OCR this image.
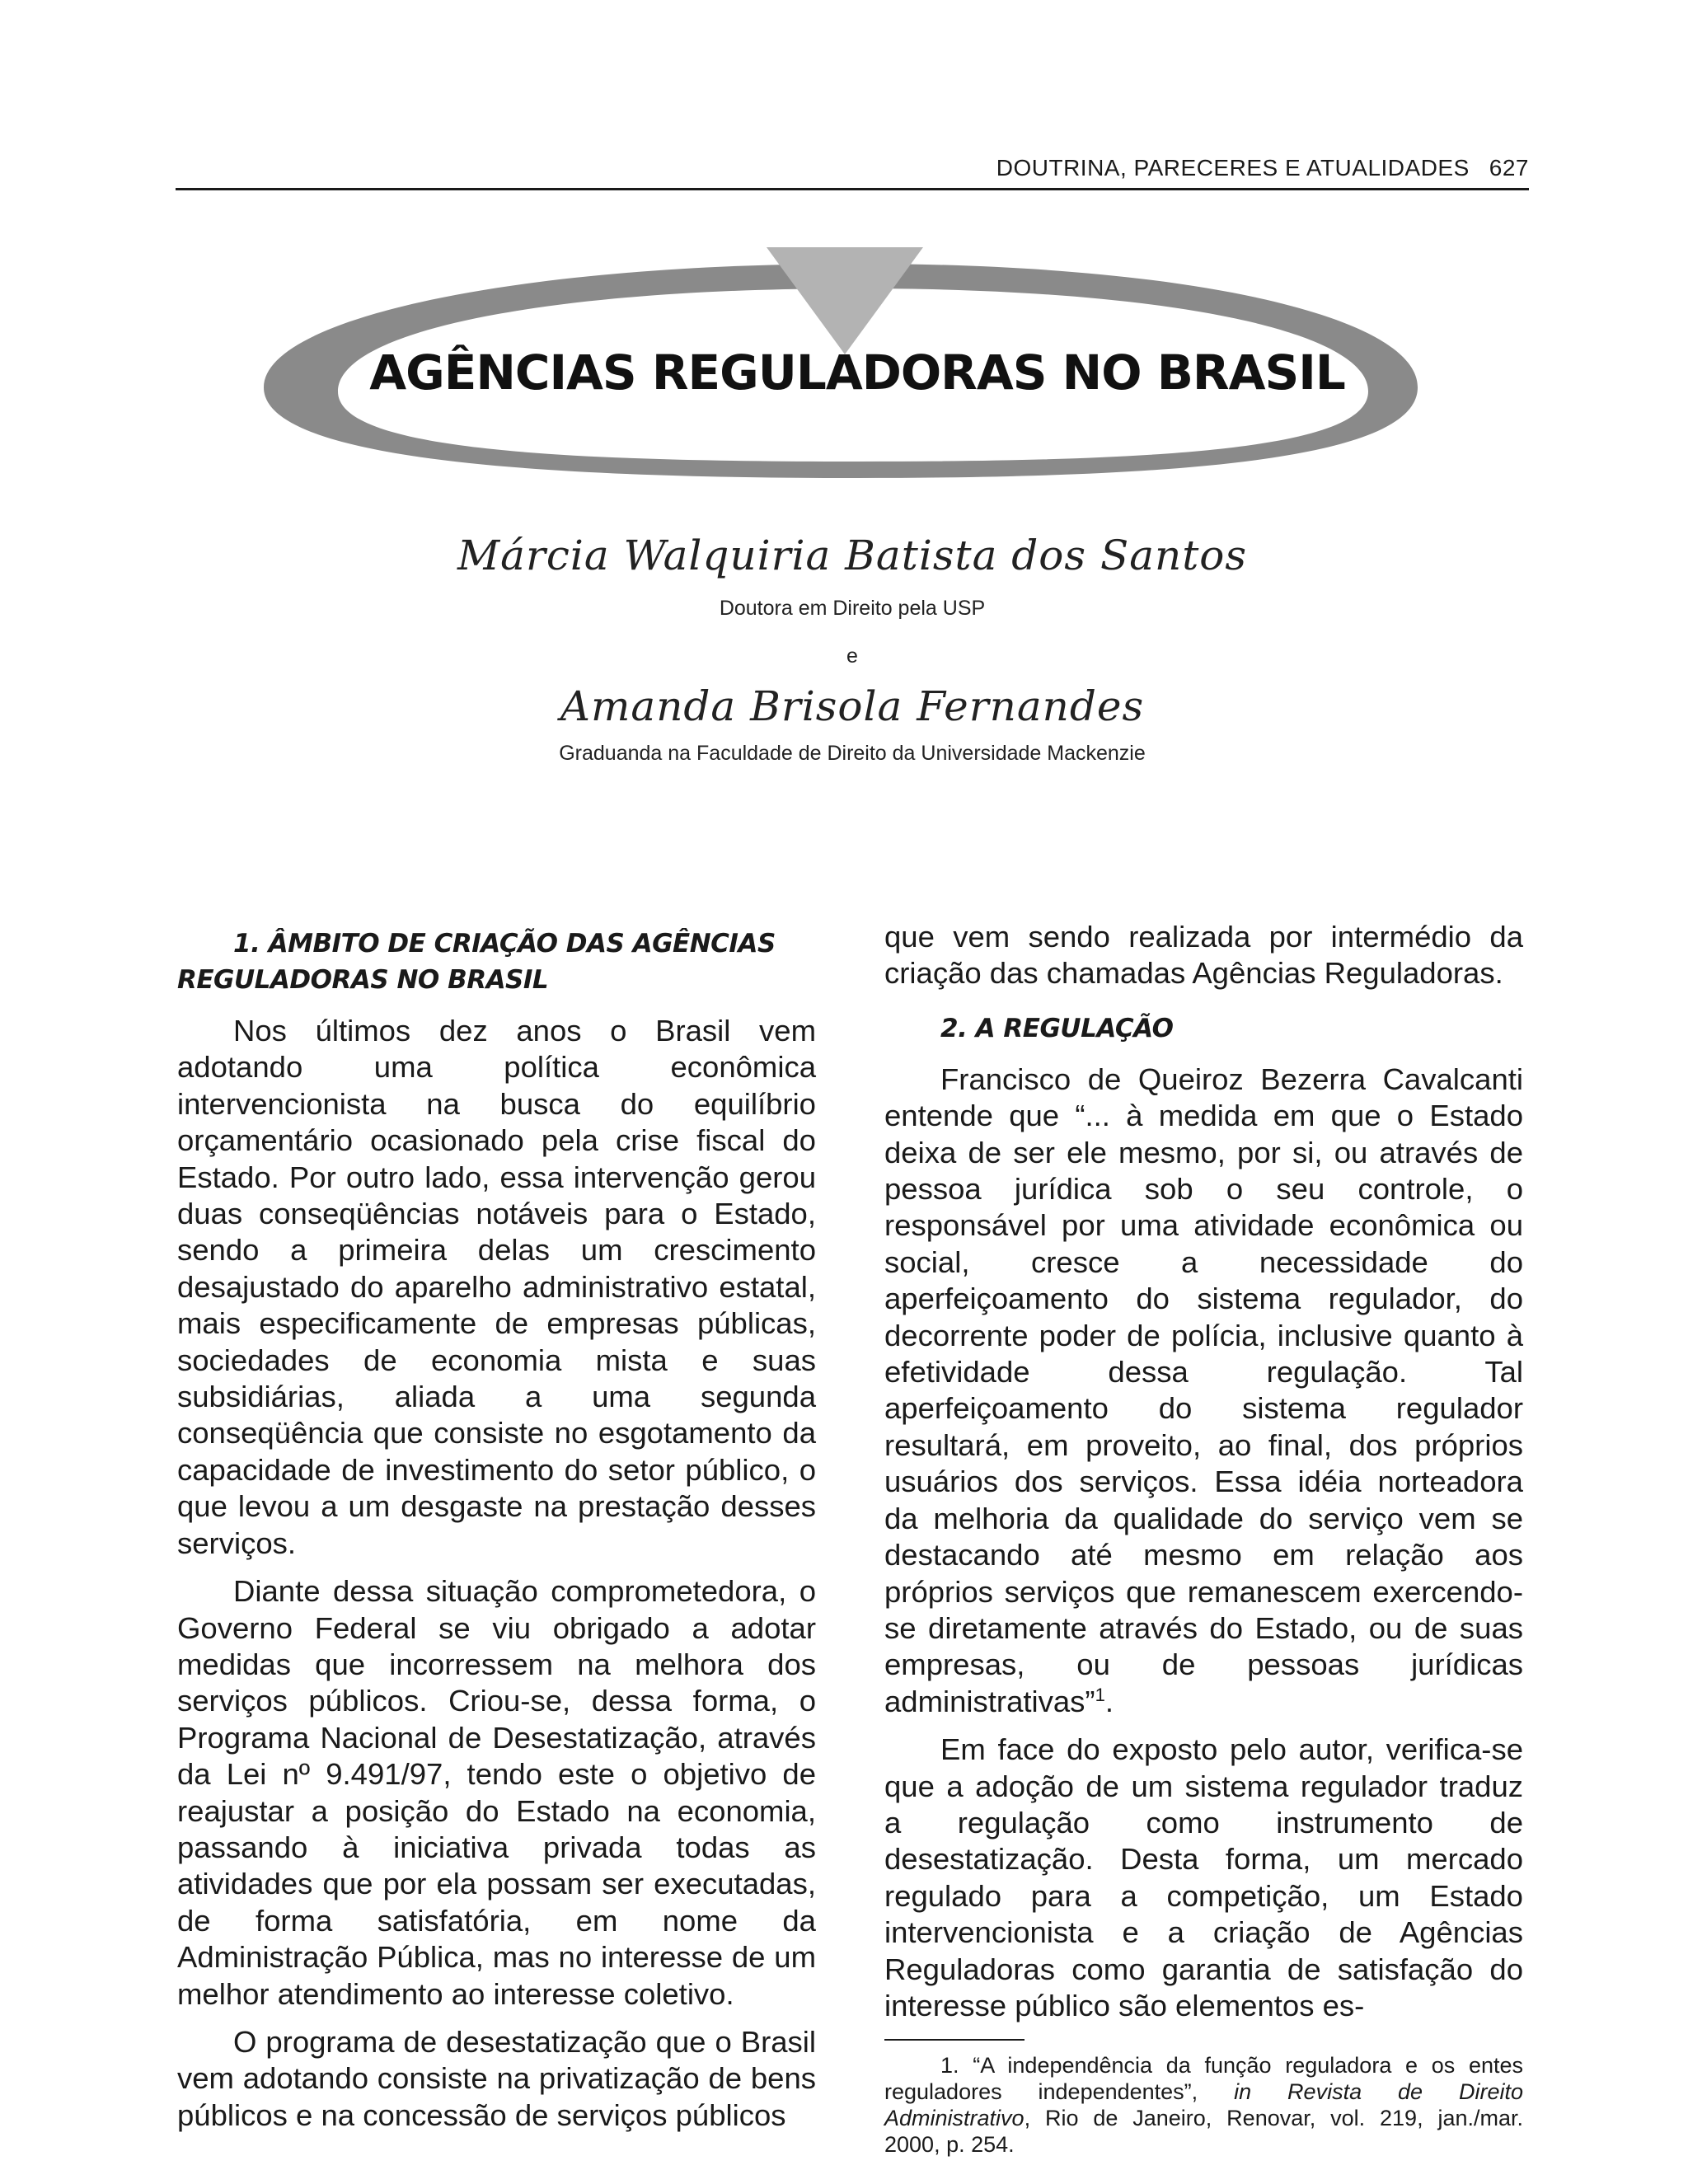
DOUTRINA, PARECERES E ATUALIDADES 627
AGÊNCIAS REGULADORAS NO BRASIL
Márcia Walquiria Batista dos Santos
Doutora em Direito pela USP
e
Amanda Brisola Fernandes
Graduanda na Faculdade de Direito da Universidade Mackenzie
1. ÂMBITO DE CRIAÇÃO DAS AGÊNCIAS REGULADORAS NO BRASIL

Nos últimos dez anos o Brasil vem adotando uma política econômica intervencionista na busca do equilíbrio orçamentário ocasionado pela crise fiscal do Estado. Por outro lado, essa intervenção gerou duas conseqüências notáveis para o Estado, sendo a primeira delas um crescimento desajustado do aparelho administrativo estatal, mais especificamente de empresas públicas, sociedades de economia mista e suas subsidiárias, aliada a uma segunda conseqüência que consiste no esgotamento da capacidade de investimento do setor público, o que levou a um desgaste na prestação desses serviços.

Diante dessa situação comprometedora, o Governo Federal se viu obrigado a adotar medidas que incorressem na melhora dos serviços públicos. Criou-se, dessa forma, o Programa Nacional de Desestatização, através da Lei nº 9.491/97, tendo este o objetivo de reajustar a posição do Estado na economia, passando à iniciativa privada todas as atividades que por ela possam ser executadas, de forma satisfatória, em nome da Administração Pública, mas no interesse de um melhor atendimento ao interesse coletivo.

O programa de desestatização que o Brasil vem adotando consiste na privatização de bens públicos e na concessão de serviços públicos

que vem sendo realizada por intermédio da criação das chamadas Agências Reguladoras.

2. A REGULAÇÃO

Francisco de Queiroz Bezerra Cavalcanti entende que “... à medida em que o Estado deixa de ser ele mesmo, por si, ou através de pessoa jurídica sob o seu controle, o responsável por uma atividade econômica ou social, cresce a necessidade do aperfeiçoamento do sistema regulador, do decorrente poder de polícia, inclusive quanto à efetividade dessa regulação. Tal aperfeiçoamento do sistema regulador resultará, em proveito, ao final, dos próprios usuários dos serviços. Essa idéia norteadora da melhoria da qualidade do serviço vem se destacando até mesmo em relação aos próprios serviços que remanescem exercendo-se diretamente através do Estado, ou de suas empresas, ou de pessoas jurídicas administrativas”$^1$.

Em face do exposto pelo autor, verifica-se que a adoção de um sistema regulador traduz a regulação como instrumento de desestatização. Desta forma, um mercado regulado para a competição, um Estado intervencionista e a criação de Agências Reguladoras como garantia de satisfação do interesse público são elementos es-

1. “A independência da função reguladora e os entes reguladores independentes”, in Revista de Direito Administrativo, Rio de Janeiro, Renovar, vol. 219, jan./mar. 2000, p. 254.
